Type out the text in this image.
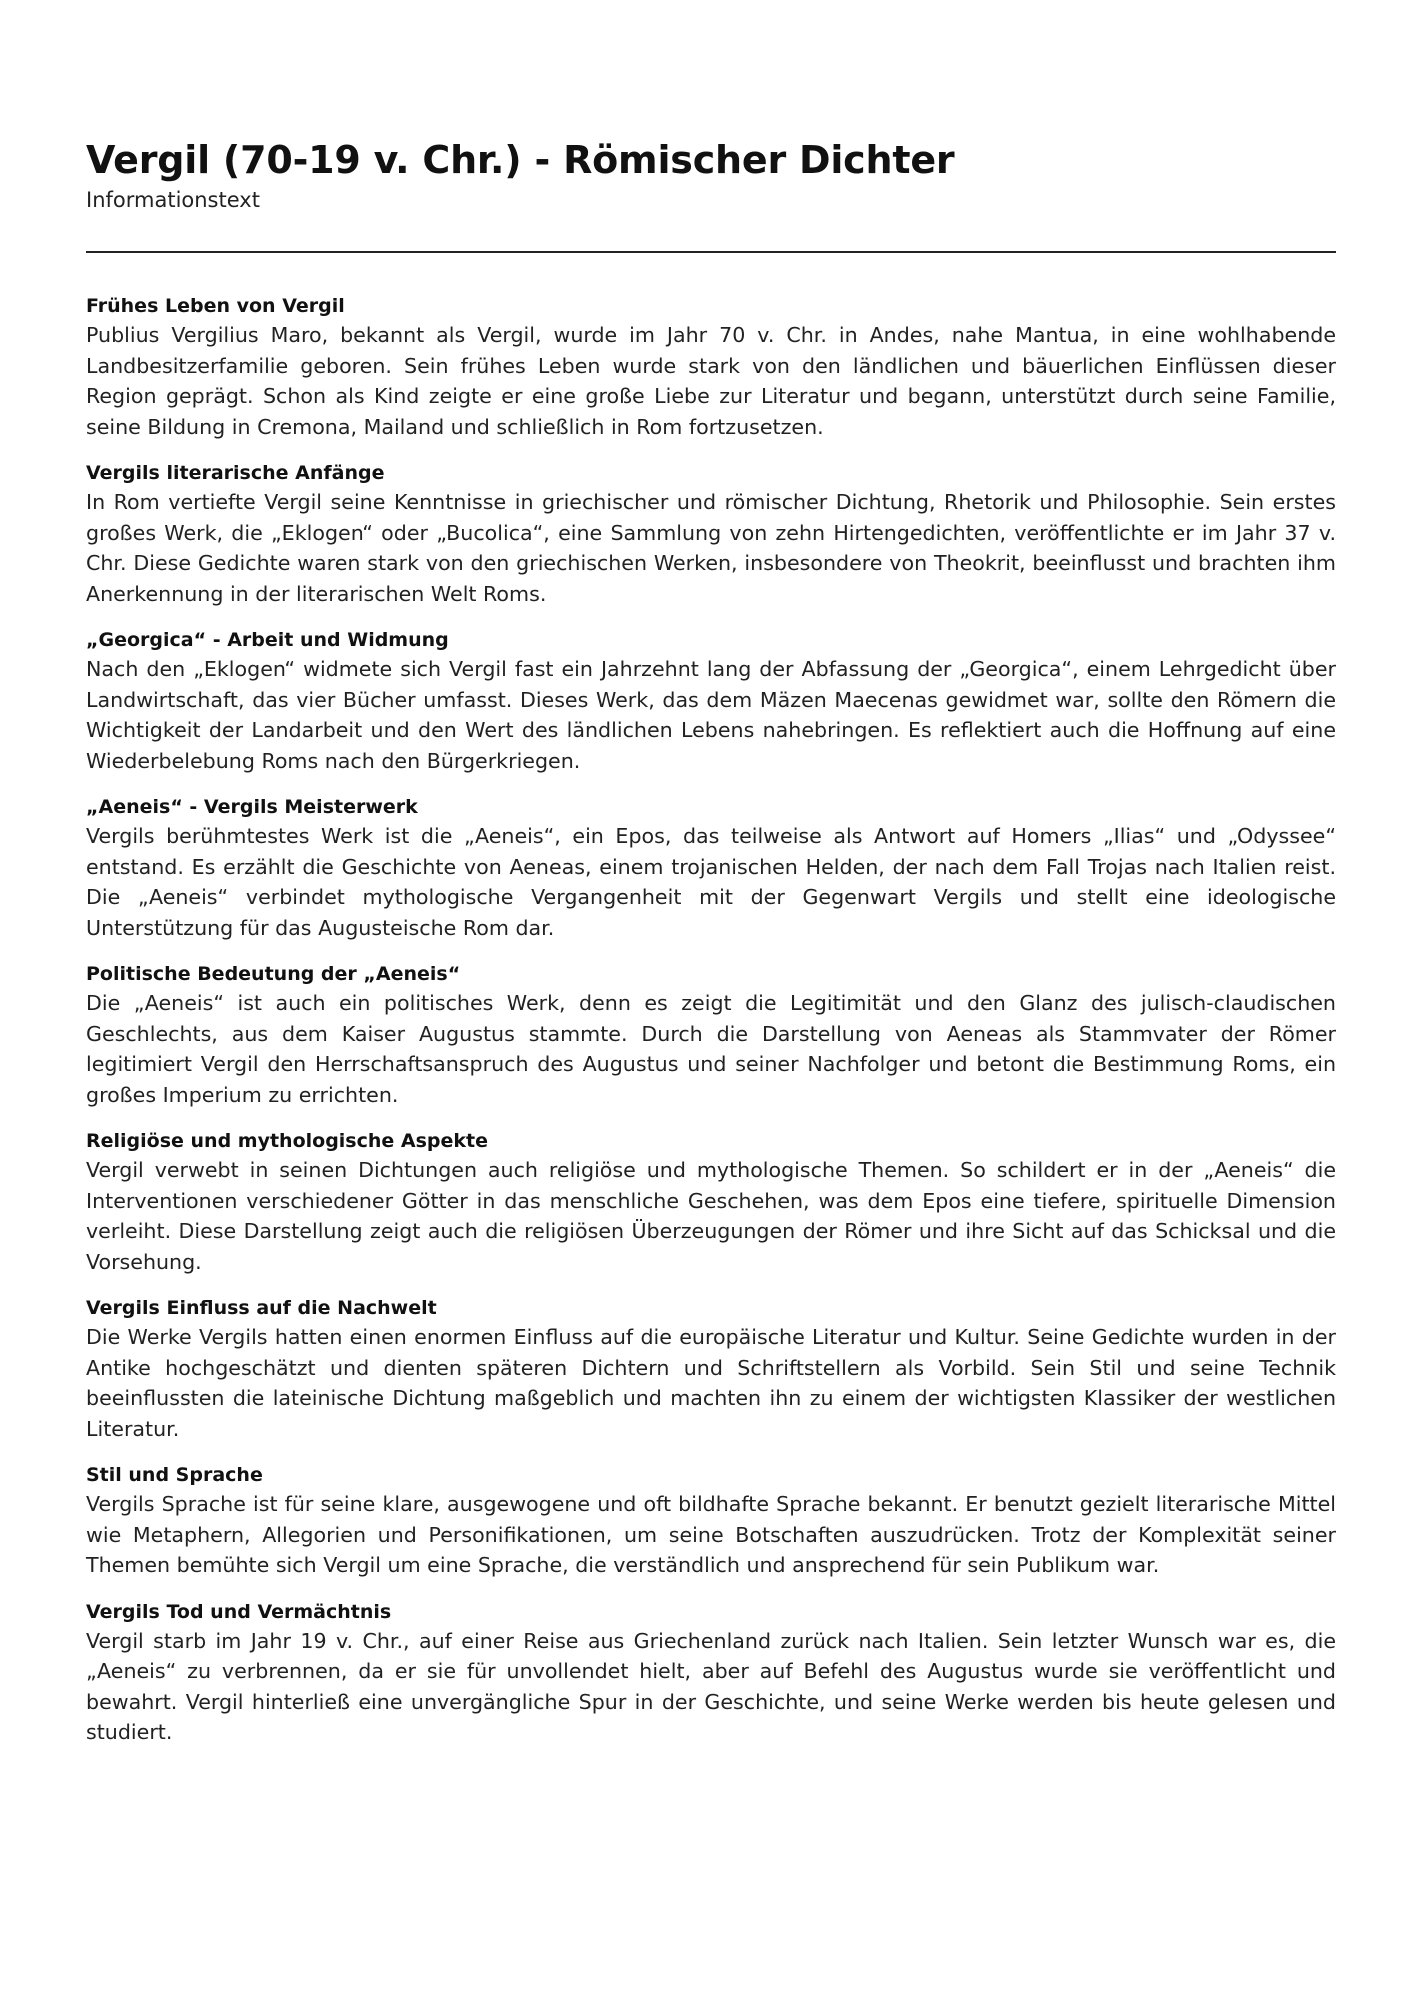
Vergil (70-19 v. Chr.) - Römischer Dichter
Informationstext
Frühes Leben von Vergil

Publius Vergilius Maro, bekannt als Vergil, wurde im Jahr 70 v. Chr. in Andes, nahe Mantua, in eine wohlhabende Landbesitzerfamilie geboren. Sein frühes Leben wurde stark von den ländlichen und bäuerlichen Einflüssen dieser Region geprägt. Schon als Kind zeigte er eine große Liebe zur Literatur und begann, unterstützt durch seine Familie, seine Bildung in Cremona, Mailand und schließlich in Rom fortzusetzen.

Vergils literarische Anfänge

In Rom vertiefte Vergil seine Kenntnisse in griechischer und römischer Dichtung, Rhetorik und Philosophie. Sein erstes großes Werk, die „Eklogen“ oder „Bucolica“, eine Sammlung von zehn Hirtengedichten, veröffentlichte er im Jahr 37 v. Chr. Diese Gedichte waren stark von den griechischen Werken, insbesondere von Theokrit, beeinflusst und brachten ihm Anerkennung in der literarischen Welt Roms.

„Georgica“ - Arbeit und Widmung

Nach den „Eklogen“ widmete sich Vergil fast ein Jahrzehnt lang der Abfassung der „Georgica“, einem Lehrgedicht über Landwirtschaft, das vier Bücher umfasst. Dieses Werk, das dem Mäzen Maecenas gewidmet war, sollte den Römern die Wichtigkeit der Landarbeit und den Wert des ländlichen Lebens nahebringen. Es reflektiert auch die Hoffnung auf eine Wiederbelebung Roms nach den Bürgerkriegen.

„Aeneis“ - Vergils Meisterwerk

Vergils berühmtestes Werk ist die „Aeneis“, ein Epos, das teilweise als Antwort auf Homers „Ilias“ und „Odyssee“ entstand. Es erzählt die Geschichte von Aeneas, einem trojanischen Helden, der nach dem Fall Trojas nach Italien reist. Die „Aeneis“ verbindet mythologische Vergangenheit mit der Gegenwart Vergils und stellt eine ideologische Unterstützung für das Augusteische Rom dar.

Politische Bedeutung der „Aeneis“

Die „Aeneis“ ist auch ein politisches Werk, denn es zeigt die Legitimität und den Glanz des julisch-claudischen Geschlechts, aus dem Kaiser Augustus stammte. Durch die Darstellung von Aeneas als Stammvater der Römer legitimiert Vergil den Herrschaftsanspruch des Augustus und seiner Nachfolger und betont die Bestimmung Roms, ein großes Imperium zu errichten.

Religiöse und mythologische Aspekte

Vergil verwebt in seinen Dichtungen auch religiöse und mythologische Themen. So schildert er in der „Aeneis“ die Interventionen verschiedener Götter in das menschliche Geschehen, was dem Epos eine tiefere, spirituelle Dimension verleiht. Diese Darstellung zeigt auch die religiösen Überzeugungen der Römer und ihre Sicht auf das Schicksal und die Vorsehung.

Vergils Einfluss auf die Nachwelt

Die Werke Vergils hatten einen enormen Einfluss auf die europäische Literatur und Kultur. Seine Gedichte wurden in der Antike hochgeschätzt und dienten späteren Dichtern und Schriftstellern als Vorbild. Sein Stil und seine Technik beeinflussten die lateinische Dichtung maßgeblich und machten ihn zu einem der wichtigsten Klassiker der westlichen Literatur.

Stil und Sprache

Vergils Sprache ist für seine klare, ausgewogene und oft bildhafte Sprache bekannt. Er benutzt gezielt literarische Mittel wie Metaphern, Allegorien und Personifikationen, um seine Botschaften auszudrücken. Trotz der Komplexität seiner Themen bemühte sich Vergil um eine Sprache, die verständlich und ansprechend für sein Publikum war.

Vergils Tod und Vermächtnis

Vergil starb im Jahr 19 v. Chr., auf einer Reise aus Griechenland zurück nach Italien. Sein letzter Wunsch war es, die „Aeneis“ zu verbrennen, da er sie für unvollendet hielt, aber auf Befehl des Augustus wurde sie veröffentlicht und bewahrt. Vergil hinterließ eine unvergängliche Spur in der Geschichte, und seine Werke werden bis heute gelesen und studiert.
